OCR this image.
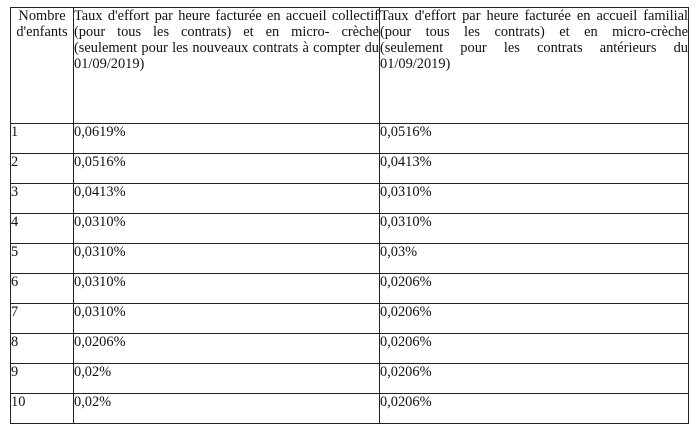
Nombre d'enfants	Taux d'effort par heure facturée en accueil collectif (pour tous les contrats) et en micro- crèche (seulement pour les nouveaux contrats à compter du 01/09/2019)	Taux d'effort par heure facturée en accueil familial (pour tous les contrats) et en micro-crèche (seulement pour les contrats antérieurs du 01/09/2019)
1	0,0619%	0,0516%
2	0,0516%	0,0413%
3	0,0413%	0,0310%
4	0,0310%	0,0310%
5	0,0310%	0,03%
6	0,0310%	0,0206%
7	0,0310%	0,0206%
8	0,0206%	0,0206%
9	0,02%	0,0206%
10	0,02%	0,0206%
